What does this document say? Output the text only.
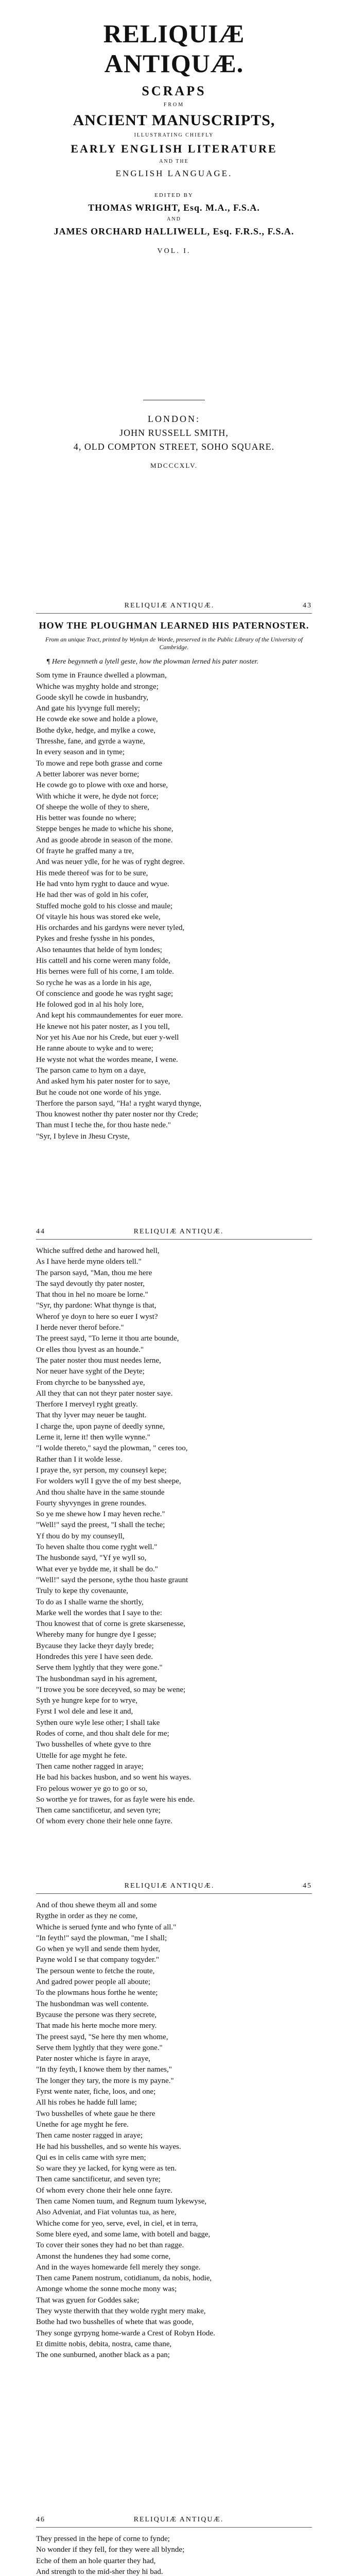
RELIQUIÆ ANTIQUÆ.
SCRAPS
FROM
ANCIENT MANUSCRIPTS,
ILLUSTRATING CHIEFLY
EARLY ENGLISH LITERATURE
AND THE
ENGLISH LANGUAGE.
EDITED BY
THOMAS WRIGHT, Esq. M.A., F.S.A.
AND
JAMES ORCHARD HALLIWELL, Esq. F.R.S., F.S.A.
VOL. I.
LONDON:
JOHN RUSSELL SMITH,
4, OLD COMPTON STREET, SOHO SQUARE.
MDCCCXLV.
RELIQUIÆ ANTIQUÆ.	43
HOW THE PLOUGHMAN LEARNED HIS PATERNOSTER.
From an unique Tract, printed by Wynkyn de Worde, preserved in the Public Library of the University of Cambridge.
¶ Here begynneth a lytell geste, how the plowman lerned his pater noster.
Som tyme in Fraunce dwelled a plowman,
Whiche was myghty holde and stronge;
Goode skyll he cowde in husbandry,
And gate his lyvynge full merely;
He cowde eke sowe and holde a plowe,
Bothe dyke, hedge, and mylke a cowe,
Thresshe, fane, and gyrde a wayne,
In every season and in tyme;
To mowe and repe both grasse and corne
A better laborer was never borne;
He cowde go to plowe with oxe and horse,
With whiche it were, he dyde not force;
Of sheepe the wolle of they to shere,
His better was founde no where;
Steppe benges he made to whiche his shone,
And as goode abrode in season of the mone.
Of frayte he graffed many a tre,
And was neuer ydle, for he was of ryght degree.
His mede thereof was for to be sure,
He had vnto hym ryght to dauce and wyue.
He had ther was of gold in his cofer,
Stuffed moche gold to his closse and maule;
Of vitayle his hous was stored eke wele,
His orchardes and his gardyns were never tyled,
Pykes and freshe fysshe in his pondes,
Also tenauntes that helde of hym londes;
His cattell and his corne weren many folde,
His bernes were full of his corne, I am tolde.
So ryche he was as a lorde in his age,
Of conscience and goode he was ryght sage;
He folowed god in al his holy lore,
And kept his commaundementes for euer more.
He knewe not his pater noster, as I you tell,
Nor yet his Aue nor his Crede, but euer y-well
He ranne aboute to wyke and to were;
He wyste not what the wordes meane, I wene.
The parson came to hym on a daye,
And asked hym his pater noster for to saye,
But he coude not one worde of his ynge.
Therfore the parson sayd, "Ha! a ryght waryd thynge,
Thou knowest nother thy pater noster nor thy Crede;
Than must I teche the, for thou haste nede."
"Syr, I byleve in Jhesu Cryste,
44	RELIQUIÆ ANTIQUÆ.
Whiche suffred dethe and harowed hell,
As I have herde myne olders tell."
The parson sayd, "Man, thou me here
The sayd devoutly thy pater noster,
That thou in hel no moare be lorne."
"Syr, thy pardone: What thynge is that,
Wherof ye doyn to here so euer I wyst?
I herde never therof before."
The preest sayd, "To lerne it thou arte bounde,
Or elles thou lyvest as an hounde."
The pater noster thou must needes lerne,
Nor neuer have syght of the Deyte;
From chyrche to be banysshed aye,
All they that can not theyr pater noster saye.
Therfore I merveyl ryght greatly.
That thy lyver may neuer be taught.
I charge the, upon payne of deedly synne,
Lerne it, lerne it! then wylle wynne."
"I wolde thereto," sayd the plowman, " ceres too,
Rather than I it wolde lesse.
I praye the, syr person, my counseyl kepe;
For wolders wyll I gyve the of my best sheepe,
And thou shalte have in the same stounde
Fourty shyvynges in grene roundes.
So ye me shewe how I may heven reche."
"Well!" sayd the preest, "I shall the teche;
Yf thou do by my counseyll,
To heven shalte thou come ryght well."
The husbonde sayd, "Yf ye wyll so,
What ever ye bydde me, it shall be do."
"Well!" sayd the persone, sythe thou haste graunt
Truly to kepe thy covenaunte,
To do as I shalle warne the shortly,
Marke well the wordes that I saye to the:
Thou knowest that of corne is grete skarsenesse,
Whereby many for hungre dye I gesse;
Bycause they lacke theyr dayly brede;
Hondredes this yere I have seen dede.
Serve them lyghtly that they were gone."
The husbondman sayd in his agrement,
"I trowe you be sore deceyved, so may be wene;
Syth ye hungre kepe for to wrye,
Fyrst I wol dele and lese it and,
Sythen oure wyle lese other; I shall take
Rodes of corne, and thou shalt dele for me;
Two busshelles of whete gyve to thre
Uttelle for age myght he fete.
Then came nother ragged in araye;
He bad his backes husbon, and so went his wayes.
Fro pelous wower ye go to go or so,
So worthe ye for trawes, for as fayle were his ende.
Then came sanctificetur, and seven tyre;
Of whom every chone their hele onne fayre.
RELIQUIÆ ANTIQUÆ.	45
And of thou shewe theym all and some
Rygthe in order as they ne come,
Whiche is serued fynte and who fynte of all."
"In feyth!" sayd the plowman, "me I shall;
Go when ye wyll and sende them hyder,
Payne wold I se that company togyder."
The persoun wente to fetche the route,
And gadred power people all aboute;
To the plowmans hous forthe he wente;
The husbondman was well contente.
Bycause the persone was thery secrete,
That made his herte moche more mery.
The preest sayd, "Se here thy men whome,
Serve them lyghtly that they were gone."
Pater noster whiche is fayre in araye,
"In thy feyth, I knowe them by ther names,"
The longer they tary, the more is my payne."
Fyrst wente nater, fiche, loos, and one;
All his robes he hadde full lame;
Two busshelles of whete gaue he there
Unethe for age myght he fere.
Then came noster ragged in araye;
He had his busshelles, and so wente his wayes.
Qui es in celis came with syre men;
So ware they ye lacked, for kyng were as ten.
Then came sanctificetur, and seven tyre;
Of whom every chone their hele onne fayre.
Then came Nomen tuum, and Regnum tuum lykewyse,
Also Adveniat, and Fiat voluntas tua, as here,
Whiche come for yeo, serve, evel, in ciel, et in terra,
Some blere eyed, and some lame, with botell and bagge,
To cover their sones they had no bet than ragge.
Amonst the hundenes they had some corne,
And in the wayes homewarde fell merely they songe.
Then came Panem nostrum, cotidianum, da nobis, hodie,
Amonge whome the sonne moche mony was;
That was gyuen for Goddes sake;
They wyste therwith that they wolde ryght mery make,
Bothe had two busshelles of whete that was goode,
They songe gyrpyng home-warde a Crest of Robyn Hode.
Et dimitte nobis, debita, nostra, came thane,
The one sunburned, another black as a pan;
46	RELIQUIÆ ANTIQUÆ.
They pressed in the hepe of corne to fynde;
No wonder if they fell, for they were all blynde;
Eche of them an hole quarter they had,
And strength to the mid-sher they hi bad.
